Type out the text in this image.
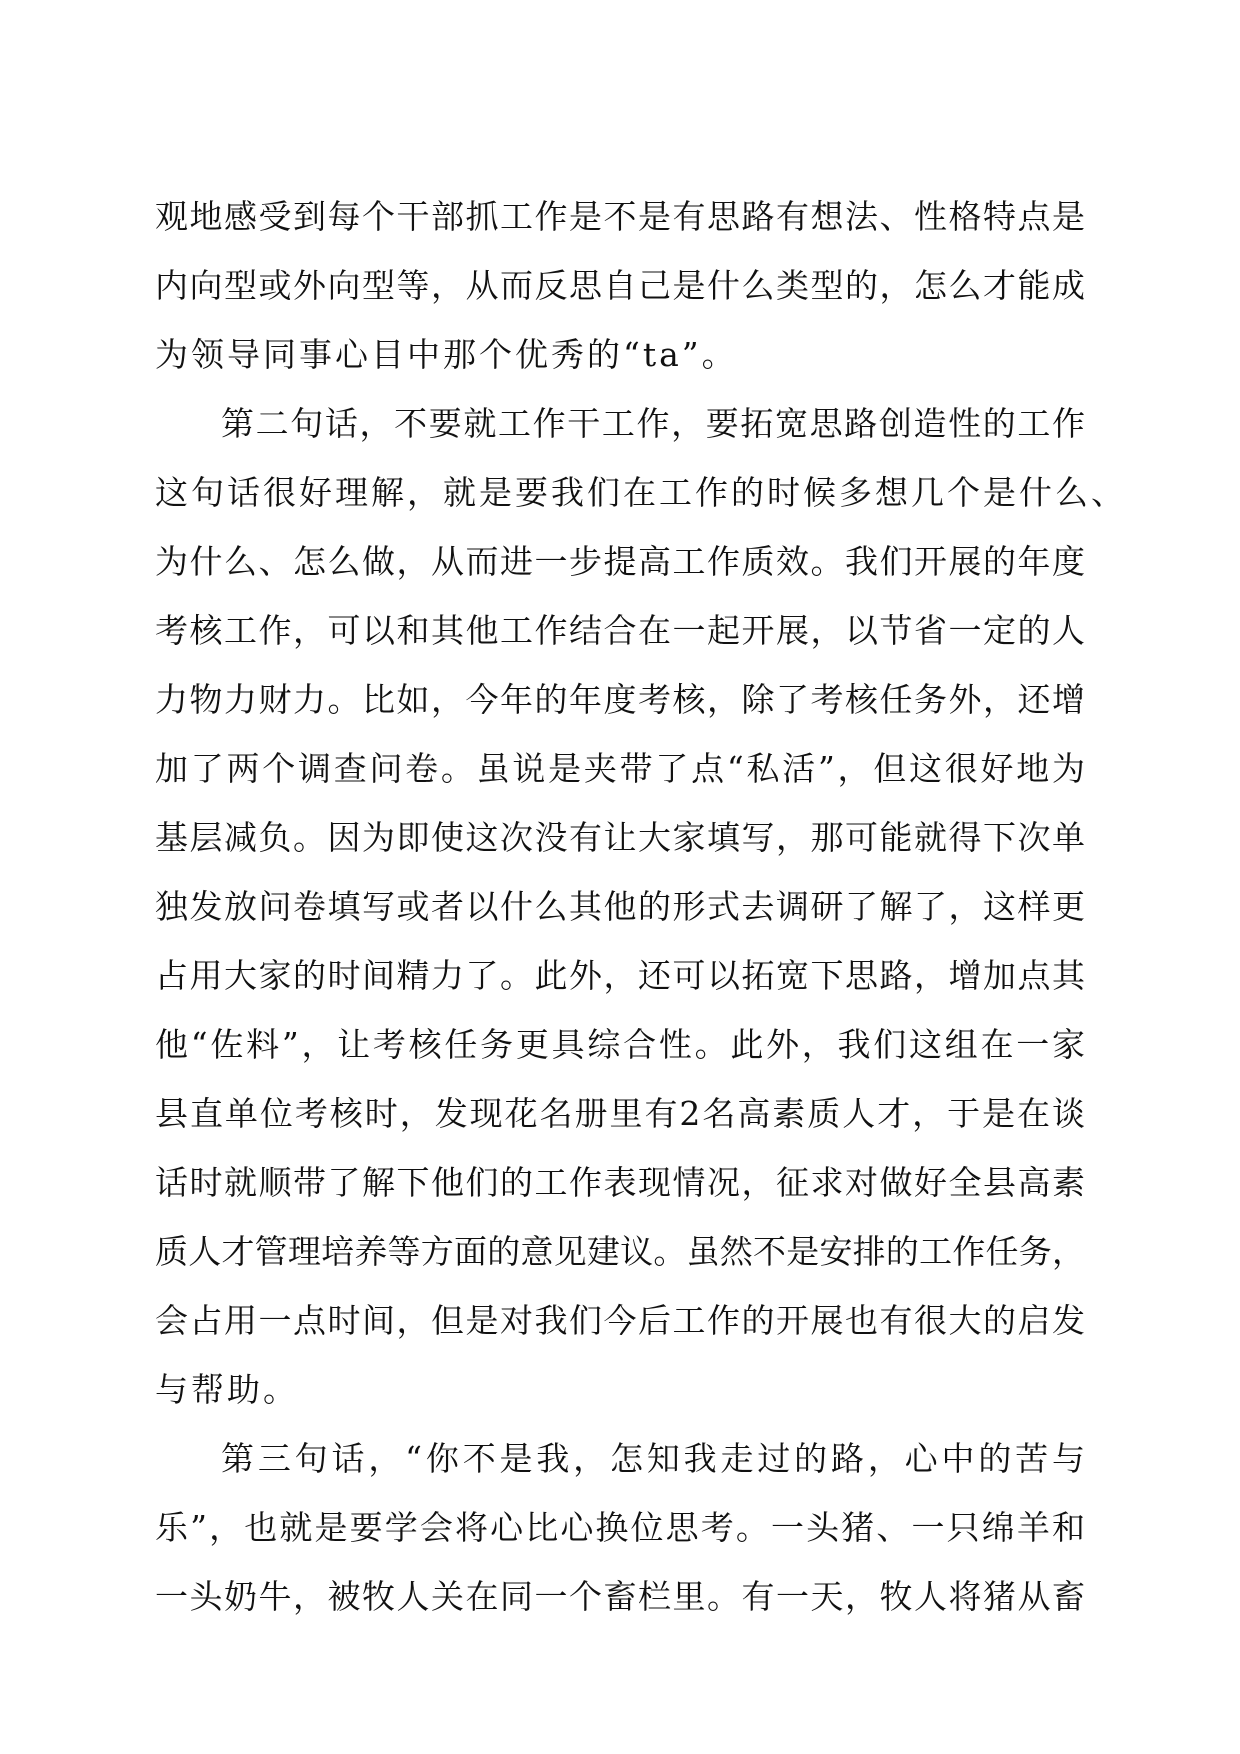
观地感受到每个干部抓工作是不是有思路有想法、性格特点是
内向型或外向型等，从而反思自己是什么类型的，怎么才能成
为领导同事心目中那个优秀的“ta”。
第二句话，不要就工作干工作，要拓宽思路创造性的工作
这句话很好理解，就是要我们在工作的时候多想几个是什么、
为什么、怎么做，从而进一步提高工作质效。我们开展的年度
考核工作，可以和其他工作结合在一起开展，以节省一定的人
力物力财力。比如，今年的年度考核，除了考核任务外，还增
加了两个调查问卷。虽说是夹带了点“私活”，但这很好地为
基层减负。因为即使这次没有让大家填写，那可能就得下次单
独发放问卷填写或者以什么其他的形式去调研了解了，这样更
占用大家的时间精力了。此外，还可以拓宽下思路，增加点其
他“佐料”，让考核任务更具综合性。此外，我们这组在一家
县直单位考核时，发现花名册里有2名高素质人才，于是在谈
话时就顺带了解下他们的工作表现情况，征求对做好全县高素
质人才管理培养等方面的意见建议。虽然不是安排的工作任务，
会占用一点时间，但是对我们今后工作的开展也有很大的启发
与帮助。
第三句话，“你不是我，怎知我走过的路，心中的苦与
乐”，也就是要学会将心比心换位思考。一头猪、一只绵羊和
一头奶牛，被牧人关在同一个畜栏里。有一天，牧人将猪从畜
